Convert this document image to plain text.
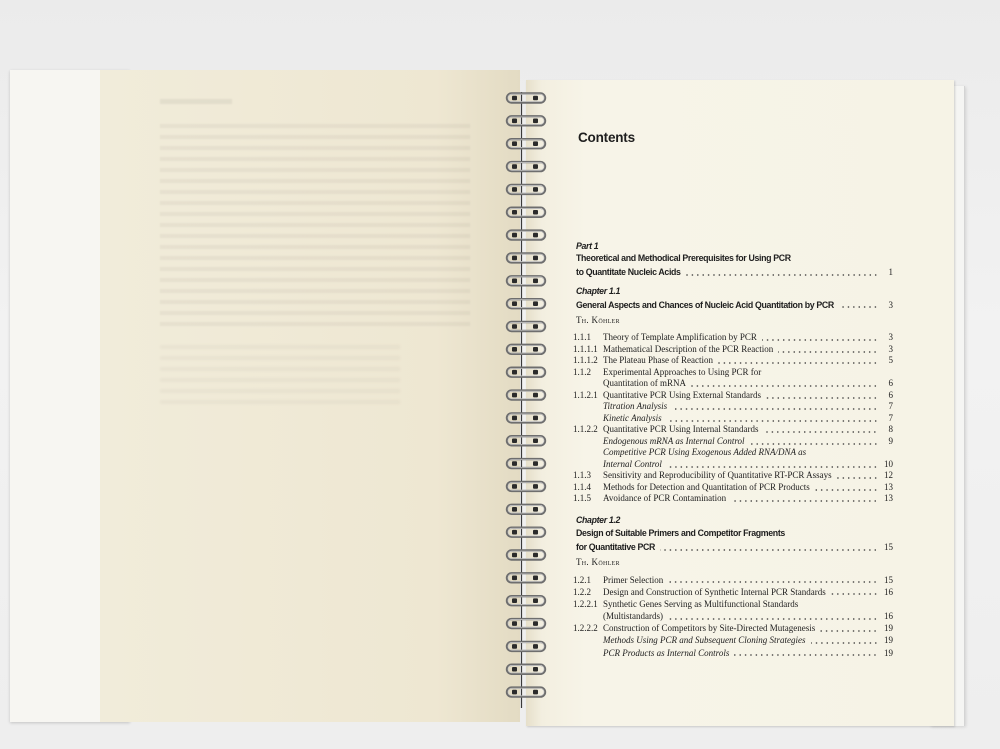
Contents
Part 1
Theoretical and Methodical Prerequisites for Using PCR
to Quantitate Nucleic Acids	1
Chapter 1.1
General Aspects and Chances of Nucleic Acid Quantitation by PCR	3
Th. Köhler
1.1.1	Theory of Template Amplification by PCR	3
1.1.1.1 Mathematical Description of the PCR Reaction	3
1.1.1.2 The Plateau Phase of Reaction	5
1.1.2	Experimental Approaches to Using PCR for
Quantitation of mRNA	6
1.1.2.1 Quantitative PCR Using External Standards	6
Titration Analysis	7
Kinetic Analysis	7
1.1.2.2 Quantitative PCR Using Internal Standards	8
Endogenous mRNA as Internal Control	9
Competitive PCR Using Exogenous Added RNA/DNA as
Internal Control	10
1.1.3	Sensitivity and Reproducibility of Quantitative RT-PCR Assays	12
1.1.4	Methods for Detection and Quantitation of PCR Products	13
1.1.5	Avoidance of PCR Contamination	13
Chapter 1.2
Design of Suitable Primers and Competitor Fragments
for Quantitative PCR	15
Th. Köhler
1.2.1	Primer Selection	15
1.2.2	Design and Construction of Synthetic Internal PCR Standards	16
1.2.2.1 Synthetic Genes Serving as Multifunctional Standards
(Multistandards)	16
1.2.2.2 Construction of Competitors by Site-Directed Mutagenesis	19
Methods Using PCR and Subsequent Cloning Strategies	19
PCR Products as Internal Controls	19
